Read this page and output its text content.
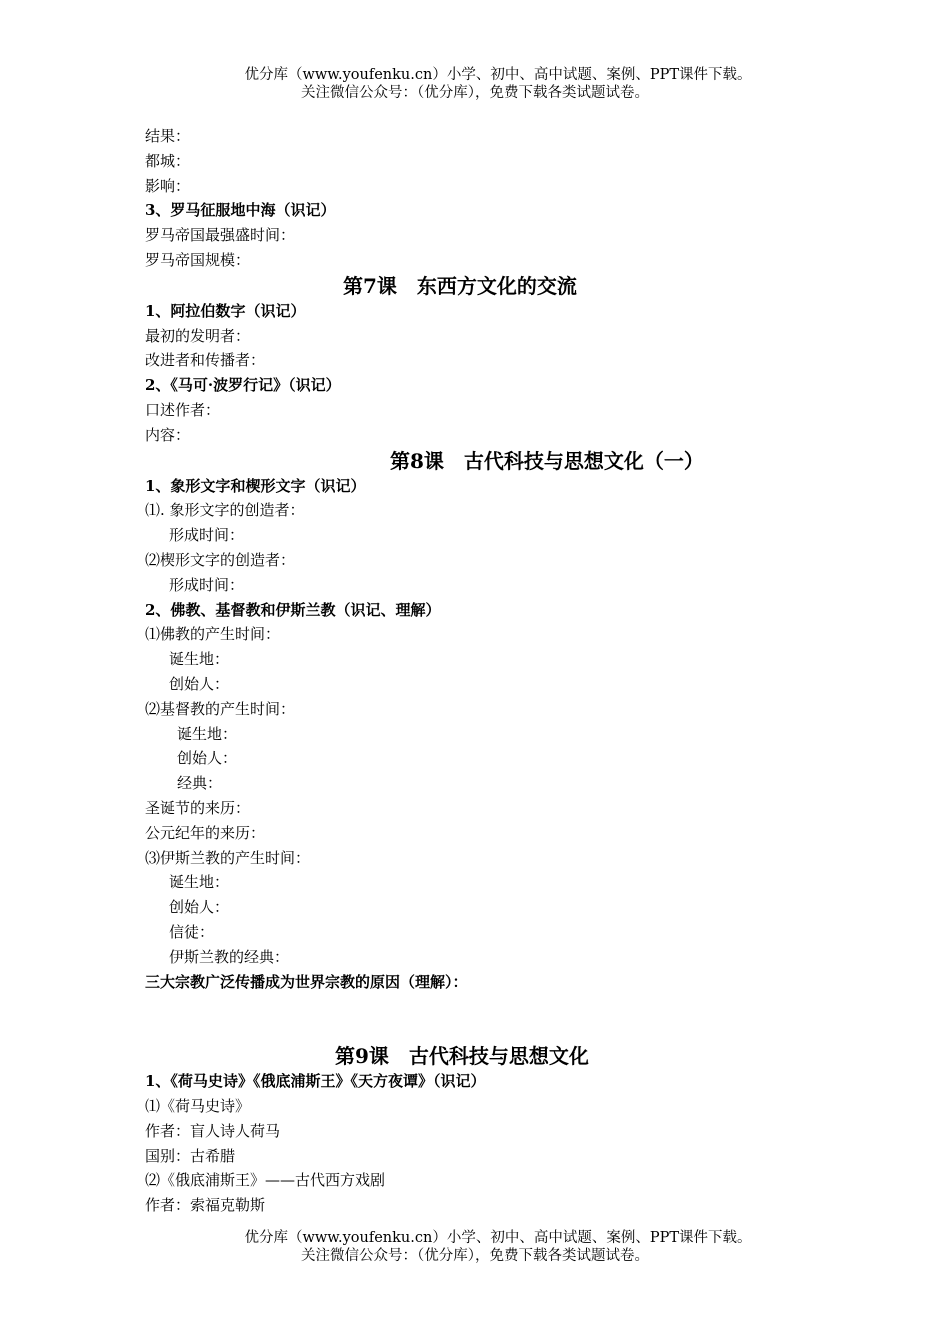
优分库（www.youfenku.cn）小学、初中、高中试题、案例、PPT课件下载。
关注微信公众号：（优分库），免费下载各类试题试卷。
结果：
都城：
影响：
3、罗马征服地中海（识记）
罗马帝国最强盛时间：
罗马帝国规模：
第7课　东西方文化的交流
1、阿拉伯数字（识记）
最初的发明者：
改进者和传播者：
2、《马可·波罗行记》（识记）
口述作者：
内容：
第8课　古代科技与思想文化（一）
1、象形文字和楔形文字（识记）
⑴. 象形文字的创造者：
形成时间：
⑵楔形文字的创造者：
形成时间：
2、佛教、基督教和伊斯兰教（识记、理解）
⑴佛教的产生时间：
诞生地：
创始人：
⑵基督教的产生时间：
诞生地：
创始人：
经典：
圣诞节的来历：
公元纪年的来历：
⑶伊斯兰教的产生时间：
诞生地：
创始人：
信徒：
伊斯兰教的经典：
三大宗教广泛传播成为世界宗教的原因（理解）：
第9课　古代科技与思想文化
1、《荷马史诗》《俄底浦斯王》《天方夜谭》（识记）
⑴《荷马史诗》
作者：盲人诗人荷马
国别：古希腊
⑵《俄底浦斯王》——古代西方戏剧
作者：索福克勒斯
优分库（www.youfenku.cn）小学、初中、高中试题、案例、PPT课件下载。
关注微信公众号：（优分库），免费下载各类试题试卷。
